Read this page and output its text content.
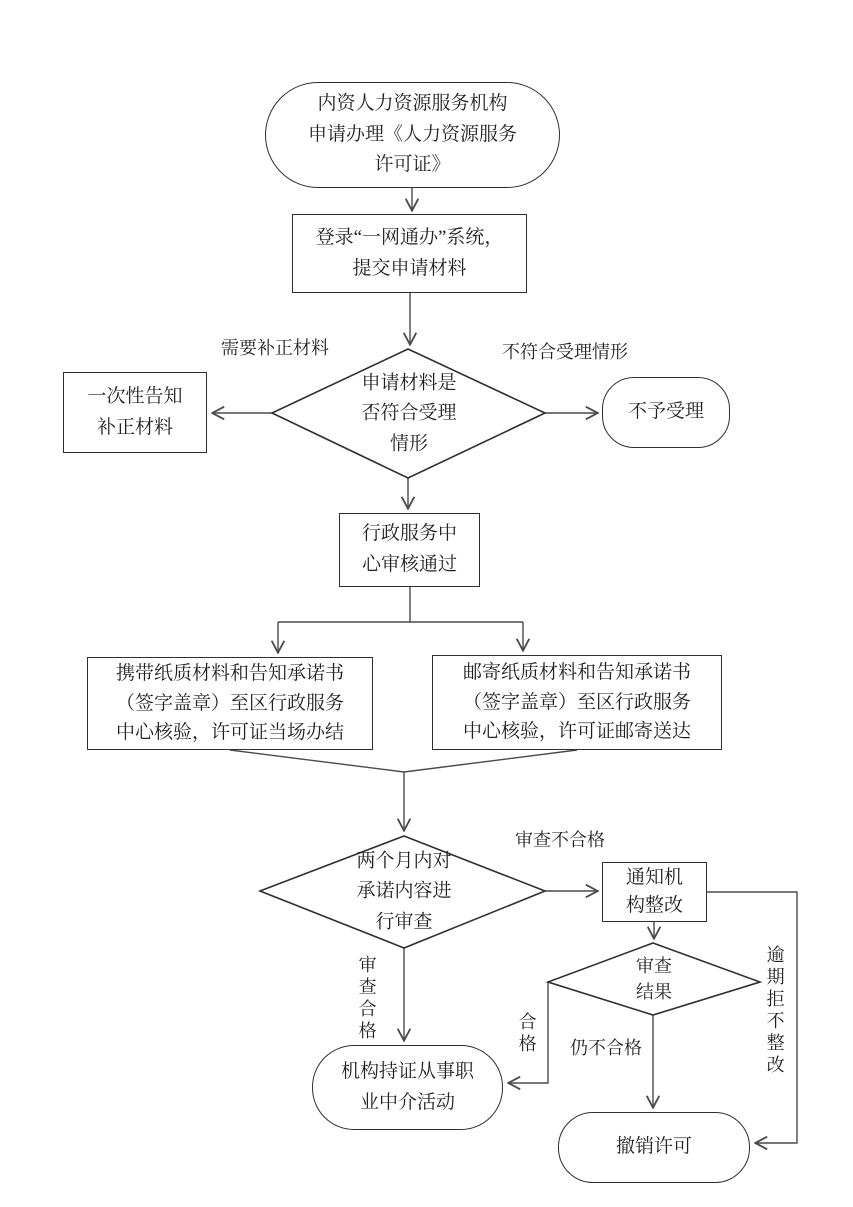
内资人力资源服务机构
申请办理《人力资源服务
许可证》
登录“一网通办”系统，
提交申请材料
申请材料是
否符合受理
情形
一次性告知
补正材料
不予受理
行政服务中
心审核通过
携带纸质材料和告知承诺书
（签字盖章）至区行政服务
中心核验，许可证当场办结
邮寄纸质材料和告知承诺书
（签字盖章）至区行政服务
中心核验，许可证邮寄送达
两个月内对
承诺内容进
行审查
通知机
构整改
审查
结果
机构持证从事职
业中介活动
撤销许可
需要补正材料	不符合受理情形
审查不合格
审查合格	合格	仍不合格
逾期拒不整改
